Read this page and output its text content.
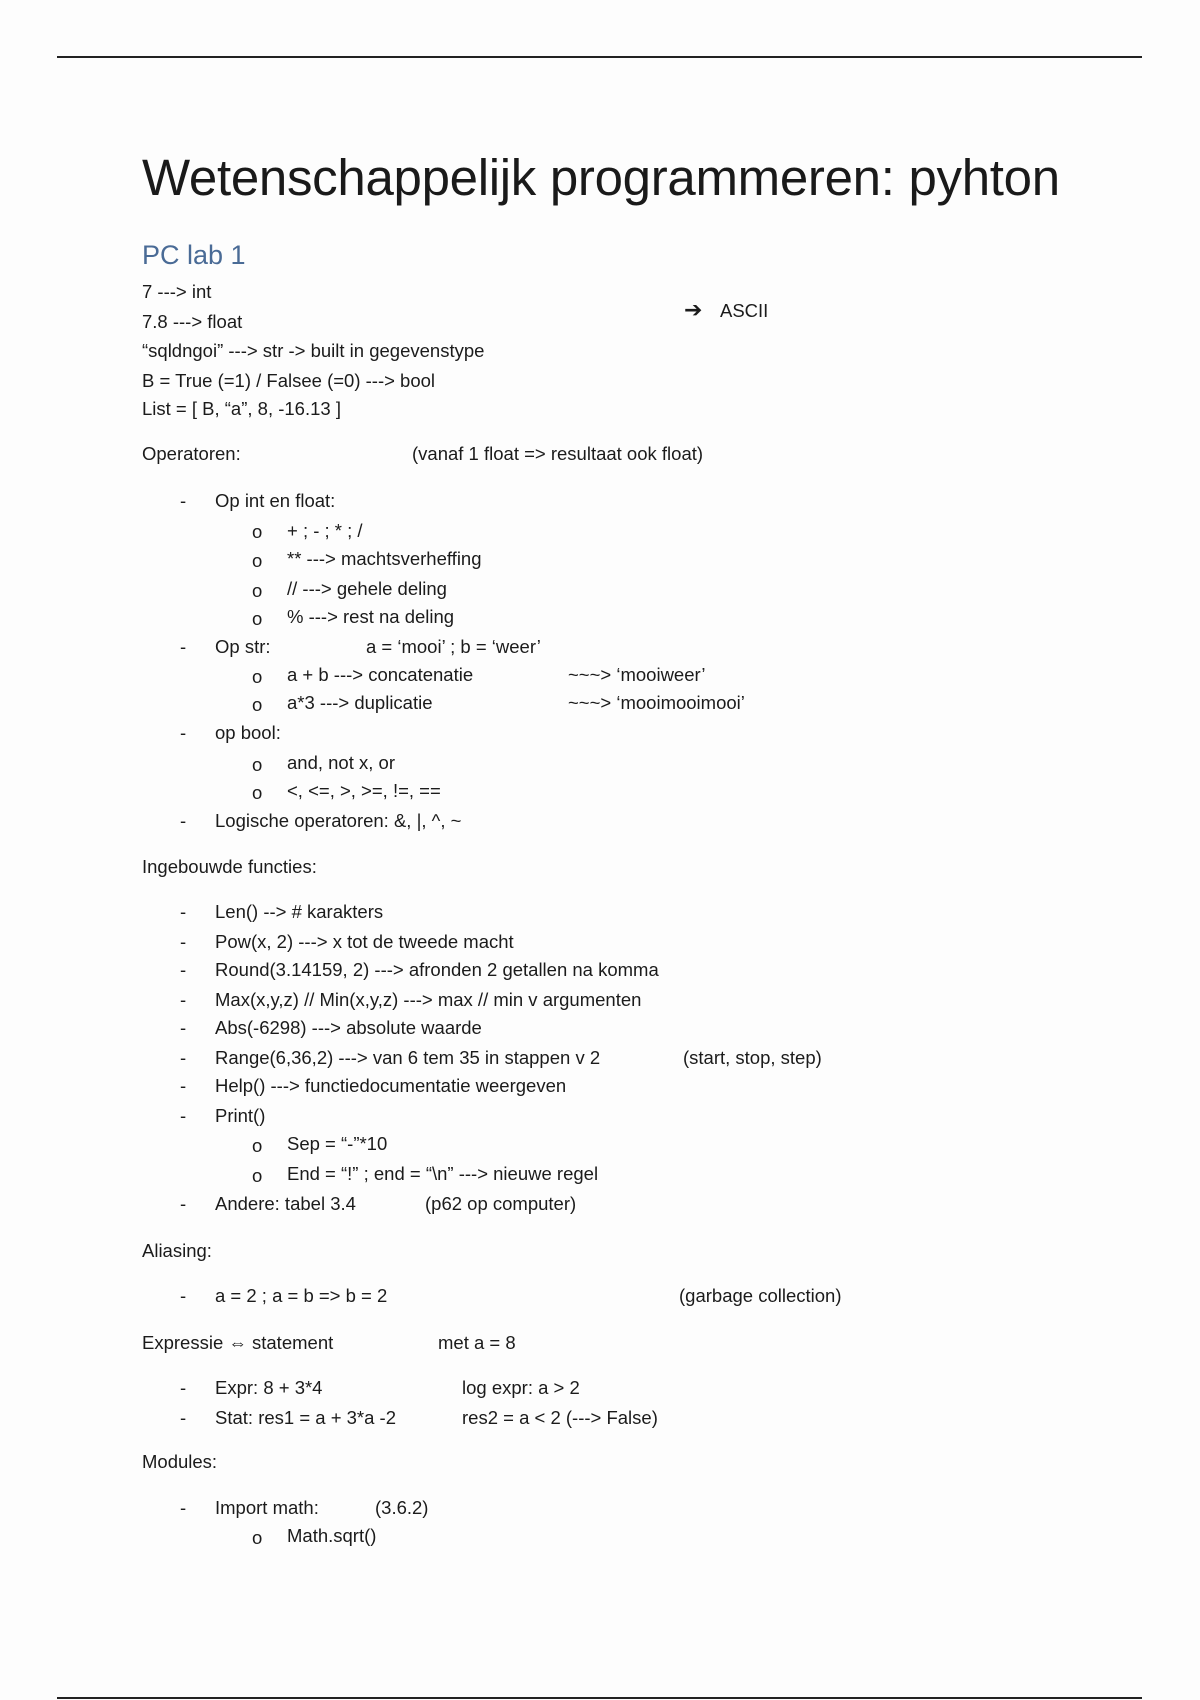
Wetenschappelijk programmeren: pyhton
PC lab 1
7 ---> int
7.8 ---> float
“sqldngoi” ---> str -> built in gegevenstype
B = True (=1) / Falsee (=0) ---> bool
List = [ B, “a”, 8, -16.13 ]
➔ ASCII
Operatoren:	(vanaf 1 float => resultaat ook float)
- Op int en float:
o + ; - ; * ; /
o ** ---> machtsverheffing
o // ---> gehele deling
o % ---> rest na deling
- Op str:	a = ‘mooi’ ; b = ‘weer’
o a + b ---> concatenatie	~~~> ‘mooiweer’
o a*3 ---> duplicatie	~~~> ‘mooimooimooi’
- op bool:
o and, not x, or
o <, <=, >, >=, !=, ==
- Logische operatoren: &, |, ^, ~
Ingebouwde functies:
- Len() --> # karakters
- Pow(x, 2) ---> x tot de tweede macht
- Round(3.14159, 2) ---> afronden 2 getallen na komma
- Max(x,y,z) // Min(x,y,z) ---> max // min v argumenten
- Abs(-6298) ---> absolute waarde
- Range(6,36,2) ---> van 6 tem 35 in stappen v 2	(start, stop, step)
- Help() ---> functiedocumentatie weergeven
- Print()
o Sep = “-”*10
o End = “!” ; end = “\n” ---> nieuwe regel
- Andere: tabel 3.4	(p62 op computer)
Aliasing:
- a = 2 ; a = b => b = 2	(garbage collection)
Expressie ⇔ statement	met a = 8
- Expr: 8 + 3*4	log expr: a > 2
- Stat: res1 = a + 3*a -2	res2 = a < 2 (---> False)
Modules:
- Import math:	(3.6.2)
o Math.sqrt()
